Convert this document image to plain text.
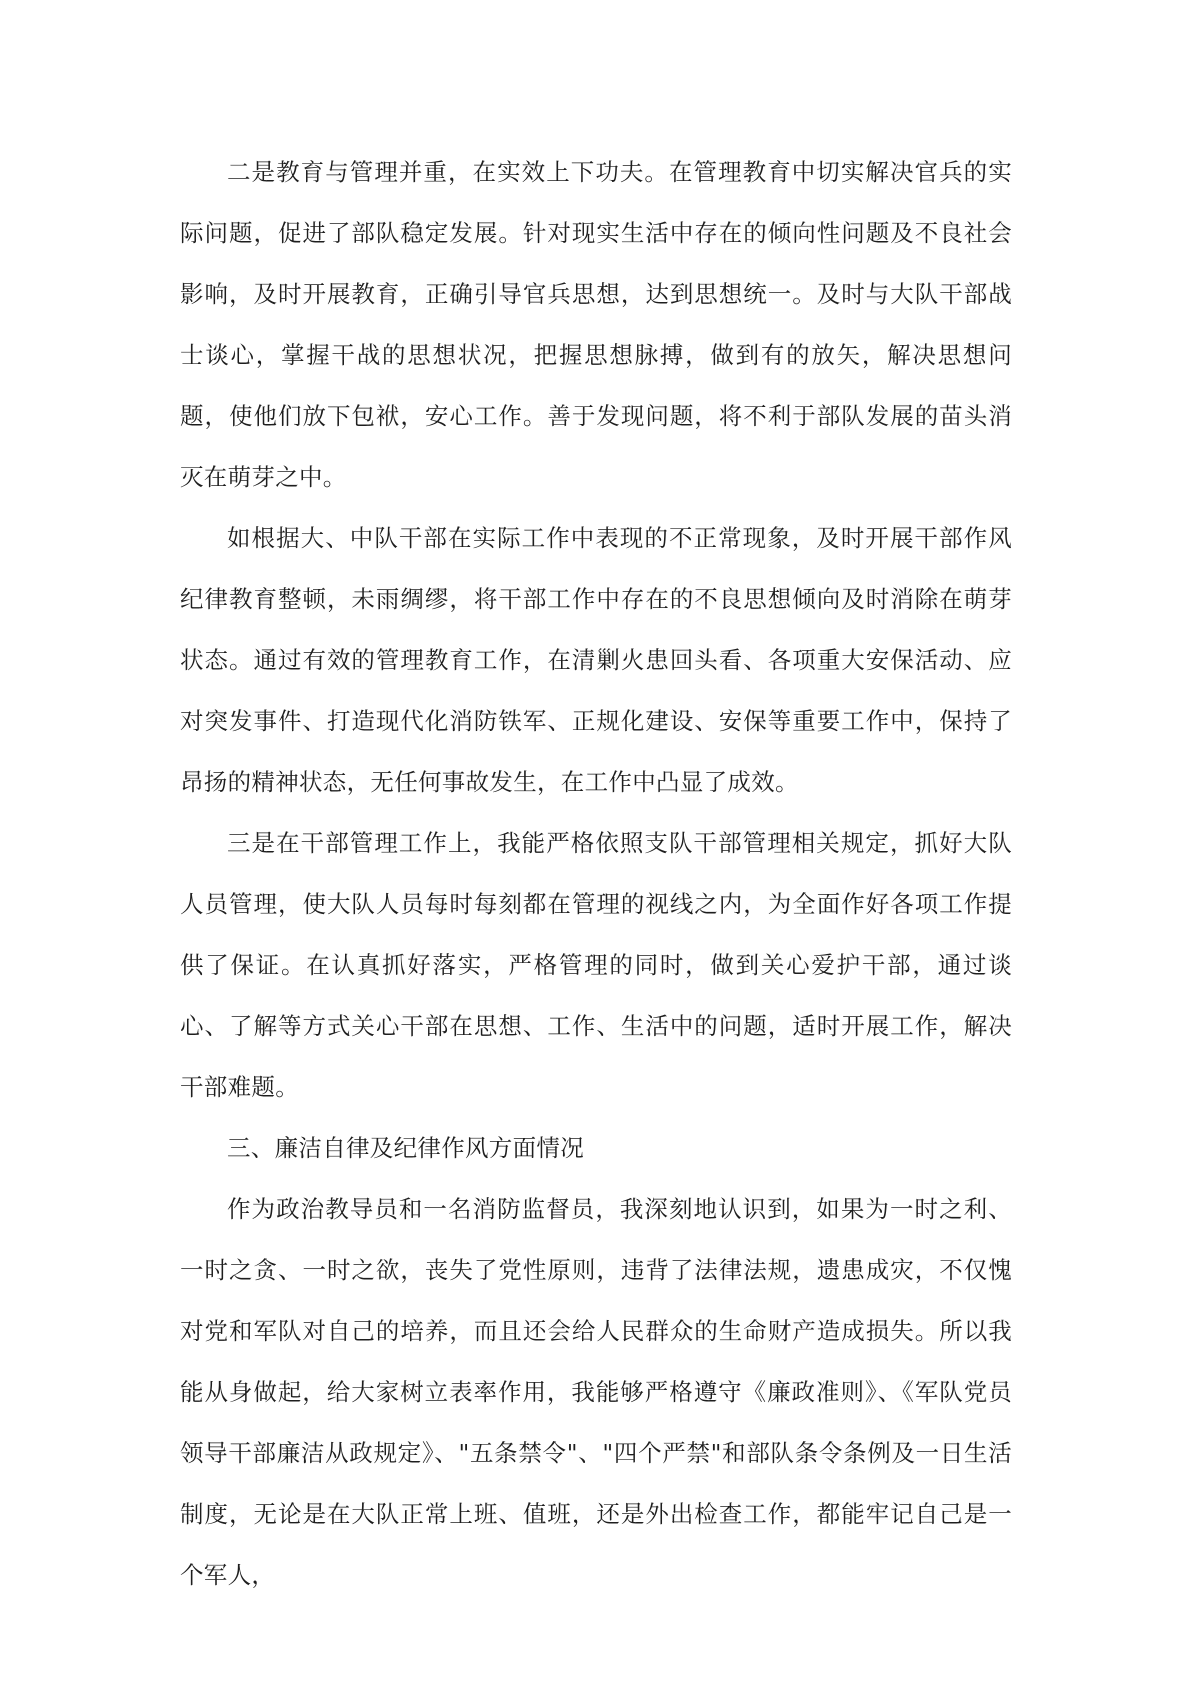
二是教育与管理并重，在实效上下功夫。在管理教育中切实解决官兵的实际问题，促进了部队稳定发展。针对现实生活中存在的倾向性问题及不良社会影响，及时开展教育，正确引导官兵思想，达到思想统一。及时与大队干部战士谈心，掌握干战的思想状况，把握思想脉搏，做到有的放矢，解决思想问题，使他们放下包袱，安心工作。善于发现问题，将不利于部队发展的苗头消灭在萌芽之中。

如根据大、中队干部在实际工作中表现的不正常现象，及时开展干部作风纪律教育整顿，未雨绸缪，将干部工作中存在的不良思想倾向及时消除在萌芽状态。通过有效的管理教育工作，在清剿火患回头看、各项重大安保活动、应对突发事件、打造现代化消防铁军、正规化建设、安保等重要工作中，保持了昂扬的精神状态，无任何事故发生，在工作中凸显了成效。

三是在干部管理工作上，我能严格依照支队干部管理相关规定，抓好大队人员管理，使大队人员每时每刻都在管理的视线之内，为全面作好各项工作提供了保证。在认真抓好落实，严格管理的同时，做到关心爱护干部，通过谈心、了解等方式关心干部在思想、工作、生活中的问题，适时开展工作，解决干部难题。

三、廉洁自律及纪律作风方面情况

作为政治教导员和一名消防监督员，我深刻地认识到，如果为一时之利、一时之贪、一时之欲，丧失了党性原则，违背了法律法规，遗患成灾，不仅愧对党和军队对自己的培养，而且还会给人民群众的生命财产造成损失。所以我能从身做起，给大家树立表率作用，我能够严格遵守《廉政准则》、《军队党员领导干部廉洁从政规定》、"五条禁令"、"四个严禁"和部队条令条例及一日生活制度，无论是在大队正常上班、值班，还是外出检查工作，都能牢记自己是一个军人，
